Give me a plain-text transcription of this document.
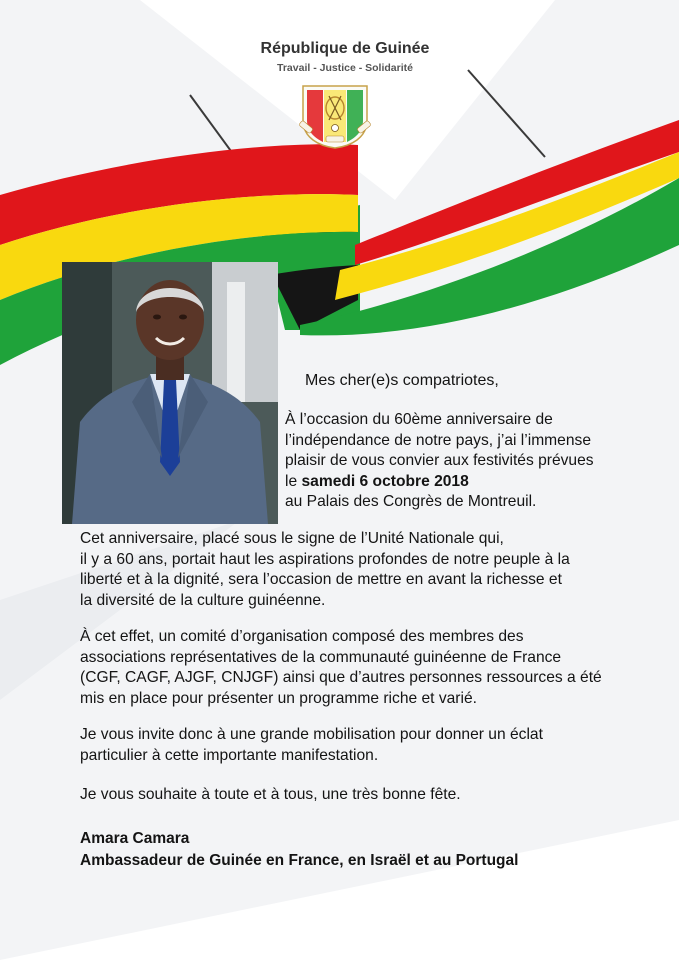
République de Guinée
Travail - Justice - Solidarité
Mes cher(e)s compatriotes,
À l’occasion du 60ème anniversaire de
l’indépendance de notre pays, j’ai l’immense
plaisir de vous convier aux festivités prévues
le samedi 6 octobre 2018
au Palais des Congrès de Montreuil.
Cet anniversaire, placé sous le signe de l’Unité Nationale qui,
il y a 60 ans, portait haut les aspirations profondes de notre peuple à la
liberté et à la dignité, sera l’occasion de mettre en avant la richesse et
la diversité de la culture guinéenne.
À cet effet, un comité d’organisation composé des membres des
associations représentatives de la communauté guinéenne de France
(CGF, CAGF, AJGF, CNJGF) ainsi que d’autres personnes ressources a été
mis en place pour présenter un programme riche et varié.
Je vous invite donc à une grande mobilisation pour donner un éclat
particulier à cette importante manifestation.
Je vous souhaite à toute et à tous, une très bonne fête.
Amara Camara
Ambassadeur de Guinée en France, en Israël et au Portugal
